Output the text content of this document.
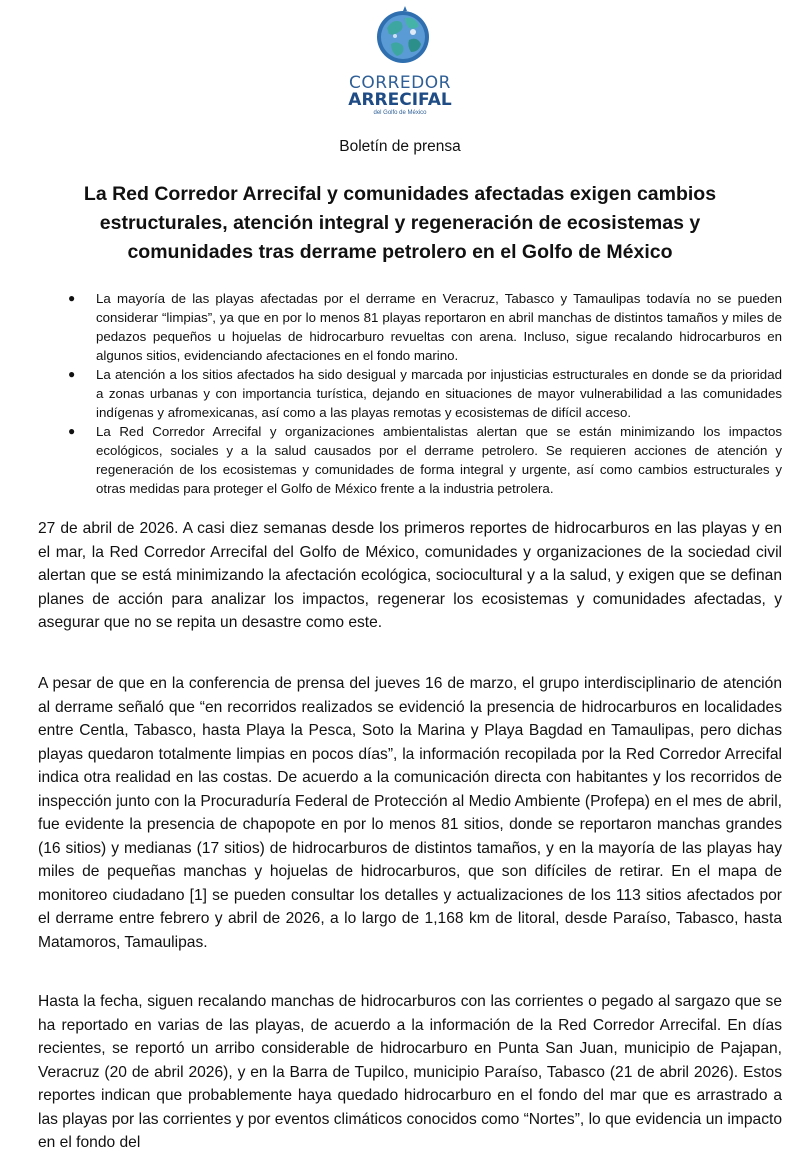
CORREDOR
ARRECIFAL
del Golfo de México
Boletín de prensa
La Red Corredor Arrecifal y comunidades afectadas exigen cambios estructurales, atención integral y regeneración de ecosistemas y comunidades tras derrame petrolero en el Golfo de México
● La mayoría de las playas afectadas por el derrame en Veracruz, Tabasco y Tamaulipas todavía no se pueden considerar “limpias”, ya que en por lo menos 81 playas reportaron en abril manchas de distintos tamaños y miles de pedazos pequeños u hojuelas de hidrocarburo revueltas con arena. Incluso, sigue recalando hidrocarburos en algunos sitios, evidenciando afectaciones en el fondo marino.
● La atención a los sitios afectados ha sido desigual y marcada por injusticias estructurales en donde se da prioridad a zonas urbanas y con importancia turística, dejando en situaciones de mayor vulnerabilidad a las comunidades indígenas y afromexicanas, así como a las playas remotas y ecosistemas de difícil acceso.
● La Red Corredor Arrecifal y organizaciones ambientalistas alertan que se están minimizando los impactos ecológicos, sociales y a la salud causados por el derrame petrolero. Se requieren acciones de atención y regeneración de los ecosistemas y comunidades de forma integral y urgente, así como cambios estructurales y otras medidas para proteger el Golfo de México frente a la industria petrolera.

27 de abril de 2026. A casi diez semanas desde los primeros reportes de hidrocarburos en las playas y en el mar, la Red Corredor Arrecifal del Golfo de México, comunidades y organizaciones de la sociedad civil alertan que se está minimizando la afectación ecológica, sociocultural y a la salud, y exigen que se definan planes de acción para analizar los impactos, regenerar los ecosistemas y comunidades afectadas, y asegurar que no se repita un desastre como este.

A pesar de que en la conferencia de prensa del jueves 16 de marzo, el grupo interdisciplinario de atención al derrame señaló que “en recorridos realizados se evidenció la presencia de hidrocarburos en localidades entre Centla, Tabasco, hasta Playa la Pesca, Soto la Marina y Playa Bagdad en Tamaulipas, pero dichas playas quedaron totalmente limpias en pocos días”, la información recopilada por la Red Corredor Arrecifal indica otra realidad en las costas. De acuerdo a la comunicación directa con habitantes y los recorridos de inspección junto con la Procuraduría Federal de Protección al Medio Ambiente (Profepa) en el mes de abril, fue evidente la presencia de chapopote en por lo menos 81 sitios, donde se reportaron manchas grandes (16 sitios) y medianas (17 sitios) de hidrocarburos de distintos tamaños, y en la mayoría de las playas hay miles de pequeñas manchas y hojuelas de hidrocarburos, que son difíciles de retirar. En el mapa de monitoreo ciudadano [1] se pueden consultar los detalles y actualizaciones de los 113 sitios afectados por el derrame entre febrero y abril de 2026, a lo largo de 1,168 km de litoral, desde Paraíso, Tabasco, hasta Matamoros, Tamaulipas.

Hasta la fecha, siguen recalando manchas de hidrocarburos con las corrientes o pegado al sargazo que se ha reportado en varias de las playas, de acuerdo a la información de la Red Corredor Arrecifal. En días recientes, se reportó un arribo considerable de hidrocarburo en Punta San Juan, municipio de Pajapan, Veracruz (20 de abril 2026), y en la Barra de Tupilco, municipio Paraíso, Tabasco (21 de abril 2026). Estos reportes indican que probablemente haya quedado hidrocarburo en el fondo del mar que es arrastrado a las playas por las corrientes y por eventos climáticos conocidos como “Nortes”, lo que evidencia un impacto en el fondo del
